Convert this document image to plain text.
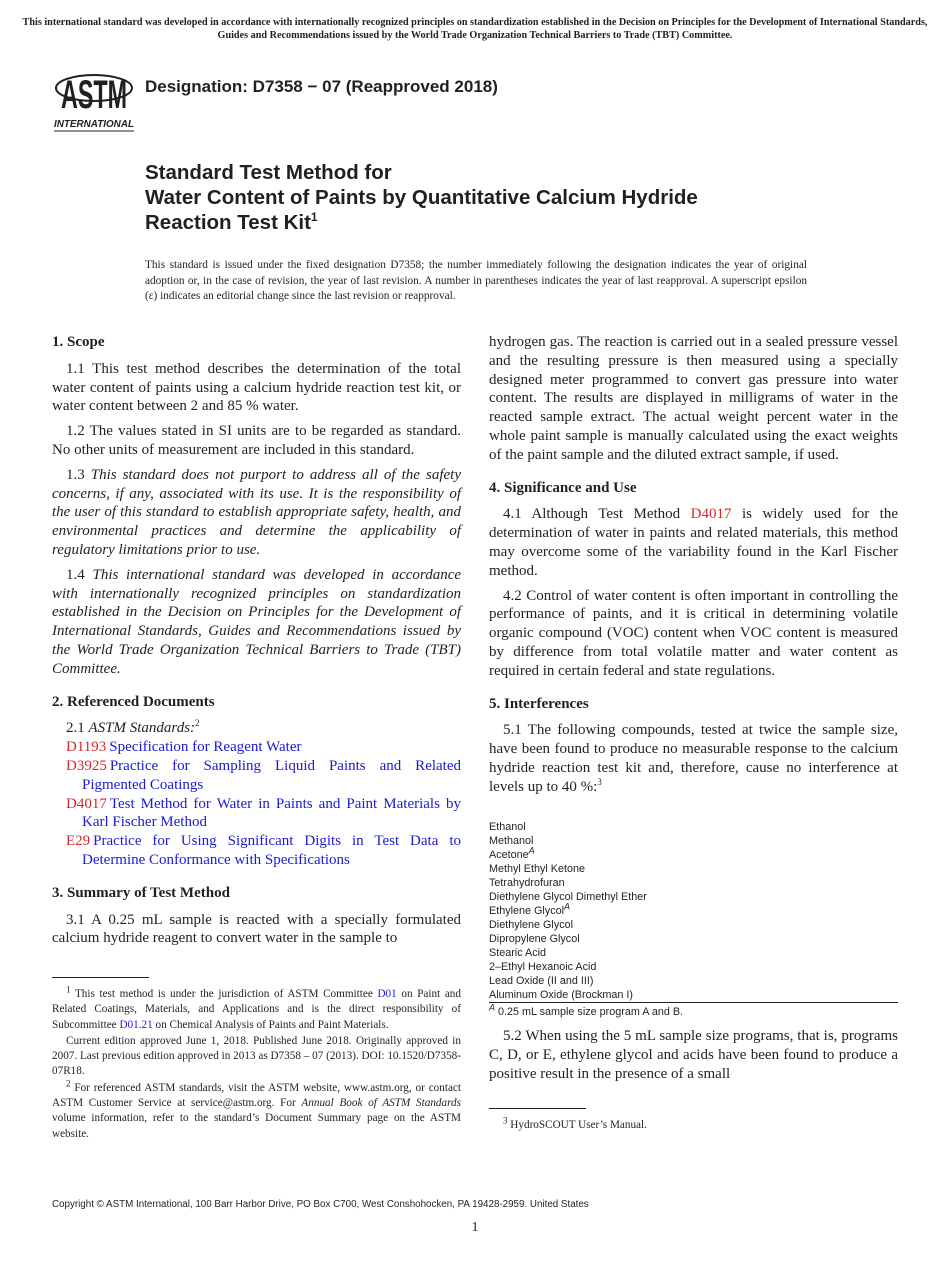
This international standard was developed in accordance with internationally recognized principles on standardization established in the Decision on Principles for the Development of International Standards, Guides and Recommendations issued by the World Trade Organization Technical Barriers to Trade (TBT) Committee.
ASTM
INTERNATIONAL
Designation: D7358 − 07 (Reapproved 2018)
Standard Test Method for
Water Content of Paints by Quantitative Calcium Hydride
Reaction Test Kit$^1$
This standard is issued under the fixed designation D7358; the number immediately following the designation indicates the year of original adoption or, in the case of revision, the year of last revision. A number in parentheses indicates the year of last reapproval. A superscript epsilon (ε) indicates an editorial change since the last revision or reapproval.
1. Scope

1.1 This test method describes the determination of the total water content of paints using a calcium hydride reaction test kit, or water content between 2 and 85 % water.

1.2 The values stated in SI units are to be regarded as standard. No other units of measurement are included in this standard.

1.3 This standard does not purport to address all of the safety concerns, if any, associated with its use. It is the responsibility of the user of this standard to establish appropriate safety, health, and environmental practices and determine the applicability of regulatory limitations prior to use.

1.4 This international standard was developed in accordance with internationally recognized principles on standardization established in the Decision on Principles for the Development of International Standards, Guides and Recommendations issued by the World Trade Organization Technical Barriers to Trade (TBT) Committee.

2. Referenced Documents

2.1 ASTM Standards:$^2$

D1193 Specification for Reagent Water
D3925 Practice for Sampling Liquid Paints and Related Pigmented Coatings
D4017 Test Method for Water in Paints and Paint Materials by Karl Fischer Method
E29 Practice for Using Significant Digits in Test Data to Determine Conformance with Specifications
3. Summary of Test Method

3.1 A 0.25 mL sample is reacted with a specially formulated calcium hydride reagent to convert water in the sample to

hydrogen gas. The reaction is carried out in a sealed pressure vessel and the resulting pressure is then measured using a specially designed meter programmed to convert gas pressure into water content. The results are displayed in milligrams of water in the reacted sample extract. The actual weight percent water in the whole paint sample is manually calculated using the exact weights of the paint sample and the diluted extract sample, if used.

4. Significance and Use

4.1 Although Test Method D4017 is widely used for the determination of water in paints and related materials, this method may overcome some of the variability found in the Karl Fischer method.

4.2 Control of water content is often important in controlling the performance of paints, and it is critical in determining volatile organic compound (VOC) content when VOC content is measured by difference from total volatile matter and water content as required in certain federal and state regulations.

5. Interferences

5.1 The following compounds, tested at twice the sample size, have been found to produce no measurable response to the calcium hydride reaction test kit and, therefore, cause no interference at levels up to 40 %:$^3$

Ethanol
Methanol
Acetone$^A$
Methyl Ethyl Ketone
Tetrahydrofuran
Diethylene Glycol Dimethyl Ether
Ethylene Glycol$^A$
Diethylene Glycol
Dipropylene Glycol
Stearic Acid
2–Ethyl Hexanoic Acid
Lead Oxide (II and III)
Aluminum Oxide (Brockman I)
$^A$ 0.25 mL sample size program A and B.

5.2 When using the 5 mL sample size programs, that is, programs C, D, or E, ethylene glycol and acids have been found to produce a positive result in the presence of a small

$^1$ This test method is under the jurisdiction of ASTM Committee D01 on Paint and Related Coatings, Materials, and Applications and is the direct responsibility of Subcommittee D01.21 on Chemical Analysis of Paints and Paint Materials.

Current edition approved June 1, 2018. Published June 2018. Originally approved in 2007. Last previous edition approved in 2013 as D7358 – 07 (2013). DOI: 10.1520/D7358-07R18.

$^2$ For referenced ASTM standards, visit the ASTM website, www.astm.org, or contact ASTM Customer Service at service@astm.org. For Annual Book of ASTM Standards volume information, refer to the standard’s Document Summary page on the ASTM website.

$^3$ HydroSCOUT User’s Manual.

Copyright © ASTM International, 100 Barr Harbor Drive, PO Box C700, West Conshohocken, PA 19428-2959. United States
1
